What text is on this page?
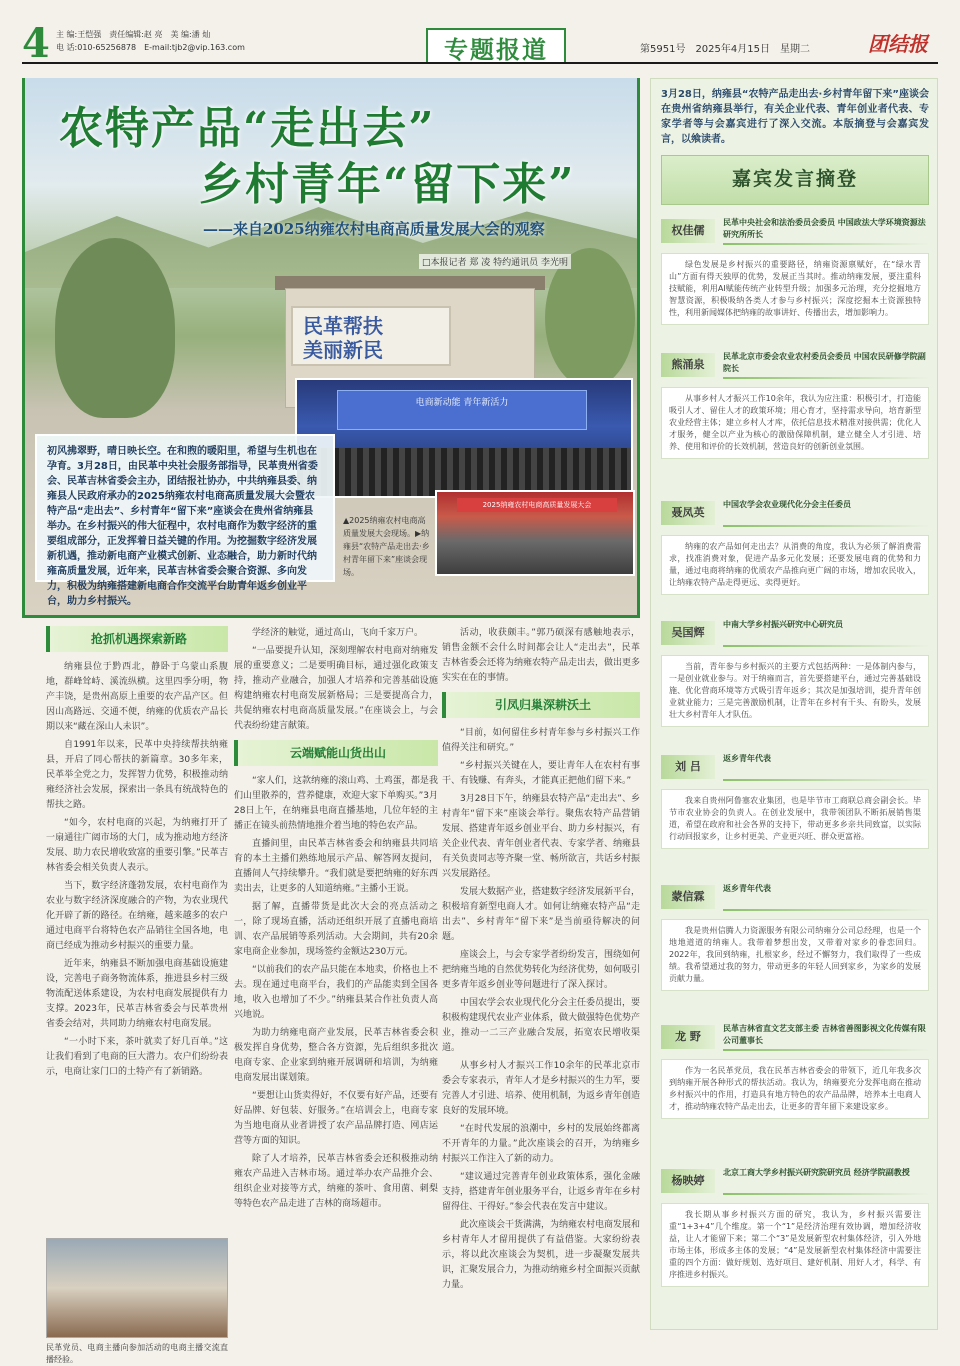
4 主 编:王恺强　责任编辑:赵 亮　美 编:潘 灿
电 话:010-65256878　E-mail:tjb2@vip.163.com	专题报道	第5951号　2025年4月15日　星期二	团结报
民革帮扶
美丽新民
农特产品“走出去”
乡村青年“留下来”
——来自2025纳雍农村电商高质量发展大会的观察
□本报记者 郑 凌 特约通讯员 李光明
电商新动能 青年新活力
初风拂翠野，晴日映长空。在和煦的暖阳里，希望与生机也在孕育。3月28日，由民革中央社会服务部指导，民革贵州省委会、民革吉林省委会主办，团结报社协办，中共纳雍县委、纳雍县人民政府承办的2025纳雍农村电商高质量发展大会暨农特产品“走出去”、乡村青年“留下来”座谈会在贵州省纳雍县举办。在乡村振兴的伟大征程中，农村电商作为数字经济的重要组成部分，正发挥着日益关键的作用。为挖掘数字经济发展新机遇，推动新电商产业模式创新、业态融合，助力新时代纳雍高质量发展，近年来，民革吉林省委会聚合资源、多向发力，积极为纳雍搭建新电商合作交流平台助青年返乡创业平台，助力乡村振兴。
▲2025纳雍农村电商高质量发展大会现场。▶纳雍县“农特产品走出去·乡村青年留下来”座谈会现场。
2025纳雍农村电商高质量发展大会
抢抓机遇探索新路

纳雍县位于黔西北，静卧于乌蒙山系腹地，群峰耸峙、溪流纵横。这里四季分明，物产丰饶，是贵州高原上重要的农产品产区。但因山高路远、交通不便，纳雍的优质农产品长期以来“藏在深山人未识”。

自1991年以来，民革中央持续帮扶纳雍县，开启了同心帮扶的新篇章。30多年来，民革举全党之力，发挥智力优势，积极推动纳雍经济社会发展，探索出一条具有统战特色的帮扶之路。

“如今，农村电商的兴起，为纳雍打开了一扇通往广阔市场的大门，成为推动地方经济发展、助力农民增收致富的重要引擎。”民革吉林省委会相关负责人表示。

当下，数字经济蓬勃发展，农村电商作为农业与数字经济深度融合的产物，为农业现代化开辟了新的路径。在纳雍，越来越多的农户通过电商平台将特色农产品销往全国各地，电商已经成为推动乡村振兴的重要力量。

近年来，纳雍县不断加强电商基础设施建设，完善电子商务物流体系，推进县乡村三级物流配送体系建设，为农村电商发展提供有力支撑。2023年，民革吉林省委会与民革贵州省委会结对，共同助力纳雍农村电商发展。

“一小时下来，茶叶就卖了好几百单。”这让我们看到了电商的巨大潜力。农户们纷纷表示，电商让家门口的土特产有了新销路。

民革党员、电商主播向参加活动的电商主播交流直播经验。

学经济的触觉，通过高山，飞向千家万户。

“一品要提升认知，深刻理解农村电商对纳雍发展的重要意义；二是要明确目标，通过强化政策支持，推动产业融合，加强人才培养和完善基础设施构建纳雍农村电商发展新格局；三是要提高合力，共促纳雍农村电商高质量发展。”在座谈会上，与会代表纷纷建言献策。

云端赋能山货出山

“家人们，这款纳雍的滚山鸡、土鸡蛋，都是我们山里散养的，营养健康，欢迎大家下单购买。”3月28日上午，在纳雍县电商直播基地，几位年轻的主播正在镜头前热情地推介着当地的特色农产品。

直播间里，由民革吉林省委会和纳雍县共同培育的本土主播们熟练地展示产品、解答网友提问，直播间人气持续攀升。“我们就是要把纳雍的好东西卖出去，让更多的人知道纳雍。”主播小王说。

据了解，直播带货是此次大会的亮点活动之一，除了现场直播，活动还组织开展了直播电商培训、农产品展销等系列活动。大会期间，共有20余家电商企业参加，现场签约金额达230万元。

“以前我们的农产品只能在本地卖，价格也上不去。现在通过电商平台，我们的产品能卖到全国各地，收入也增加了不少。”纳雍县某合作社负责人高兴地说。

为助力纳雍电商产业发展，民革吉林省委会积极发挥自身优势，整合各方资源，先后组织多批次电商专家、企业家到纳雍开展调研和培训，为纳雍电商发展出谋划策。

“要想让山货卖得好，不仅要有好产品，还要有好品牌、好包装、好服务。”在培训会上，电商专家为当地电商从业者讲授了农产品品牌打造、网店运营等方面的知识。

除了人才培养，民革吉林省委会还积极推动纳雍农产品进入吉林市场。通过举办农产品推介会、组织企业对接等方式，纳雍的茶叶、食用菌、刺梨等特色农产品走进了吉林的商场超市。

活动，收获颇丰。”郭乃硕深有感触地表示，销售金额不会什么时间都会让人“走出去”，民革吉林省委会还将为纳雍农特产品走出去，做出更多实实在在的事情。

引凤归巢深耕沃土

“目前，如何留住乡村青年参与乡村振兴工作值得关注和研究。”

“乡村振兴关键在人，要让青年人在农村有事干、有钱赚、有奔头，才能真正把他们留下来。”

3月28日下午，纳雍县农特产品“走出去”、乡村青年“留下来”座谈会举行。聚焦农特产品营销发展、搭建青年返乡创业平台、助力乡村振兴，有关企业代表、青年创业者代表、专家学者、纳雍县有关负责同志等齐聚一堂、畅所欲言，共话乡村振兴发展路径。

发展大数据产业，搭建数字经济发展新平台，积极培育新型电商人才。如何让纳雍农特产品“走出去”、乡村青年“留下来”是当前亟待解决的问题。

座谈会上，与会专家学者纷纷发言，围绕如何把纳雍当地的自然优势转化为经济优势，如何吸引更多青年返乡创业等问题进行了深入探讨。

中国农学会农业现代化分会主任委员提出，要积极构建现代农业产业体系，做大做强特色优势产业，推动一二三产业融合发展，拓宽农民增收渠道。

从事乡村人才振兴工作10余年的民革北京市委会专家表示，青年人才是乡村振兴的生力军，要完善人才引进、培养、使用机制，为返乡青年创造良好的发展环境。

“在时代发展的浪潮中，乡村的发展始终都离不开青年的力量。”此次座谈会的召开，为纳雍乡村振兴工作注入了新的动力。

“建议通过完善青年创业政策体系，强化金融支持，搭建青年创业服务平台，让返乡青年在乡村留得住、干得好。”参会代表在发言中建议。

此次座谈会干货满满，为纳雍农村电商发展和乡村青年人才留用提供了有益借鉴。大家纷纷表示，将以此次座谈会为契机，进一步凝聚发展共识，汇聚发展合力，为推动纳雍乡村全面振兴贡献力量。

3月28日，纳雍县“农特产品走出去·乡村青年留下来”座谈会在贵州省纳雍县举行，有关企业代表、青年创业者代表、专家学者等与会嘉宾进行了深入交流。本版摘登与会嘉宾发言，以飨读者。
嘉宾发言摘登
权佳儒
民革中央社会和法治委员会委员 中国政法大学环境资源法研究所所长
绿色发展是乡村振兴的重要路径，纳雍资源禀赋好，在“绿水青山”方面有得天独厚的优势，发展正当其时。推动纳雍发展，要注重科技赋能，利用AI赋能传统产业转型升级；加强多元治理，充分挖掘地方智慧资源，积极吸纳各类人才参与乡村振兴；深度挖掘本土资源独特性，利用新闻媒体把纳雍的故事讲好、传播出去，增加影响力。
熊涌泉
民革北京市委会农业农村委员会委员 中国农民研修学院副院长
从事乡村人才振兴工作10余年，我认为应注重：积极引才，打造能吸引人才、留住人才的政策环境；用心育才，坚持需求导向，培育新型农业经营主体；建立乡村人才库，依托信息技术精准对接供需；优化人才服务，健全以产业为核心的激励保障机制，建立健全人才引进、培养、使用和评价的长效机制，营造良好的创新创业氛围。
聂凤英
中国农学会农业现代化分会主任委员
纳雍的农产品如何走出去？从消费的角度，我认为必须了解消费需求，找准消费对象，促进产品多元化发展；还要发展电商的优势和力量，通过电商将纳雍的优质农产品推向更广阔的市场，增加农民收入，让纳雍农特产品走得更远、卖得更好。
吴国辉
中南大学乡村振兴研究中心研究员
当前，青年参与乡村振兴的主要方式包括两种：一是体制内参与，一是创业就业参与。对于纳雍而言，首先要搭建平台，通过完善基础设施、优化营商环境等方式吸引青年返乡；其次是加强培训，提升青年创业就业能力；三是完善激励机制，让青年在乡村有干头、有盼头，发展壮大乡村青年人才队伍。
刘 吕
返乡青年代表
我来自贵州阿鲁塞农业集团，也是毕节市工商联总商会副会长。毕节市农业协会的负责人。在创业发展中，我带领团队不断拓展销售渠道，希望在政府和社会各界的支持下，带动更多乡亲共同致富，以实际行动回报家乡，让乡村更美、产业更兴旺、群众更富裕。
蒙信霖
返乡青年代表
我是贵州信腾人力资源服务有限公司纳雍分公司总经理，也是一个地地道道的纳雍人。我带着梦想出发，又带着对家乡的眷恋回归。2022年，我回到纳雍，扎根家乡，经过不懈努力，我们取得了一些成绩。我希望通过我的努力，带动更多的年轻人回到家乡，为家乡的发展贡献力量。
龙 野
民革吉林省直文艺支部主委 吉林省善图影视文化传媒有限公司董事长
作为一名民革党员，我在民革吉林省委会的带领下，近几年我多次到纳雍开展各种形式的帮扶活动。我认为，纳雍要充分发挥电商在推动乡村振兴中的作用，打造具有地方特色的农产品品牌，培养本土电商人才，推动纳雍农特产品走出去，让更多的青年留下来建设家乡。
杨映婷
北京工商大学乡村振兴研究院研究员 经济学院副教授
我长期从事乡村振兴方面的研究，我认为，乡村振兴需要注重“1+3+4”几个维度。第一个“1”是经济治理有效协调，增加经济收益，让人才能留下来；第二个“3”是发展新型农村集体经济，引入外地市场主体，形成多主体的发展；“4”是发展新型农村集体经济中需要注重的四个方面：做好规划、选好项目、建好机制、用好人才，科学、有序推进乡村振兴。
